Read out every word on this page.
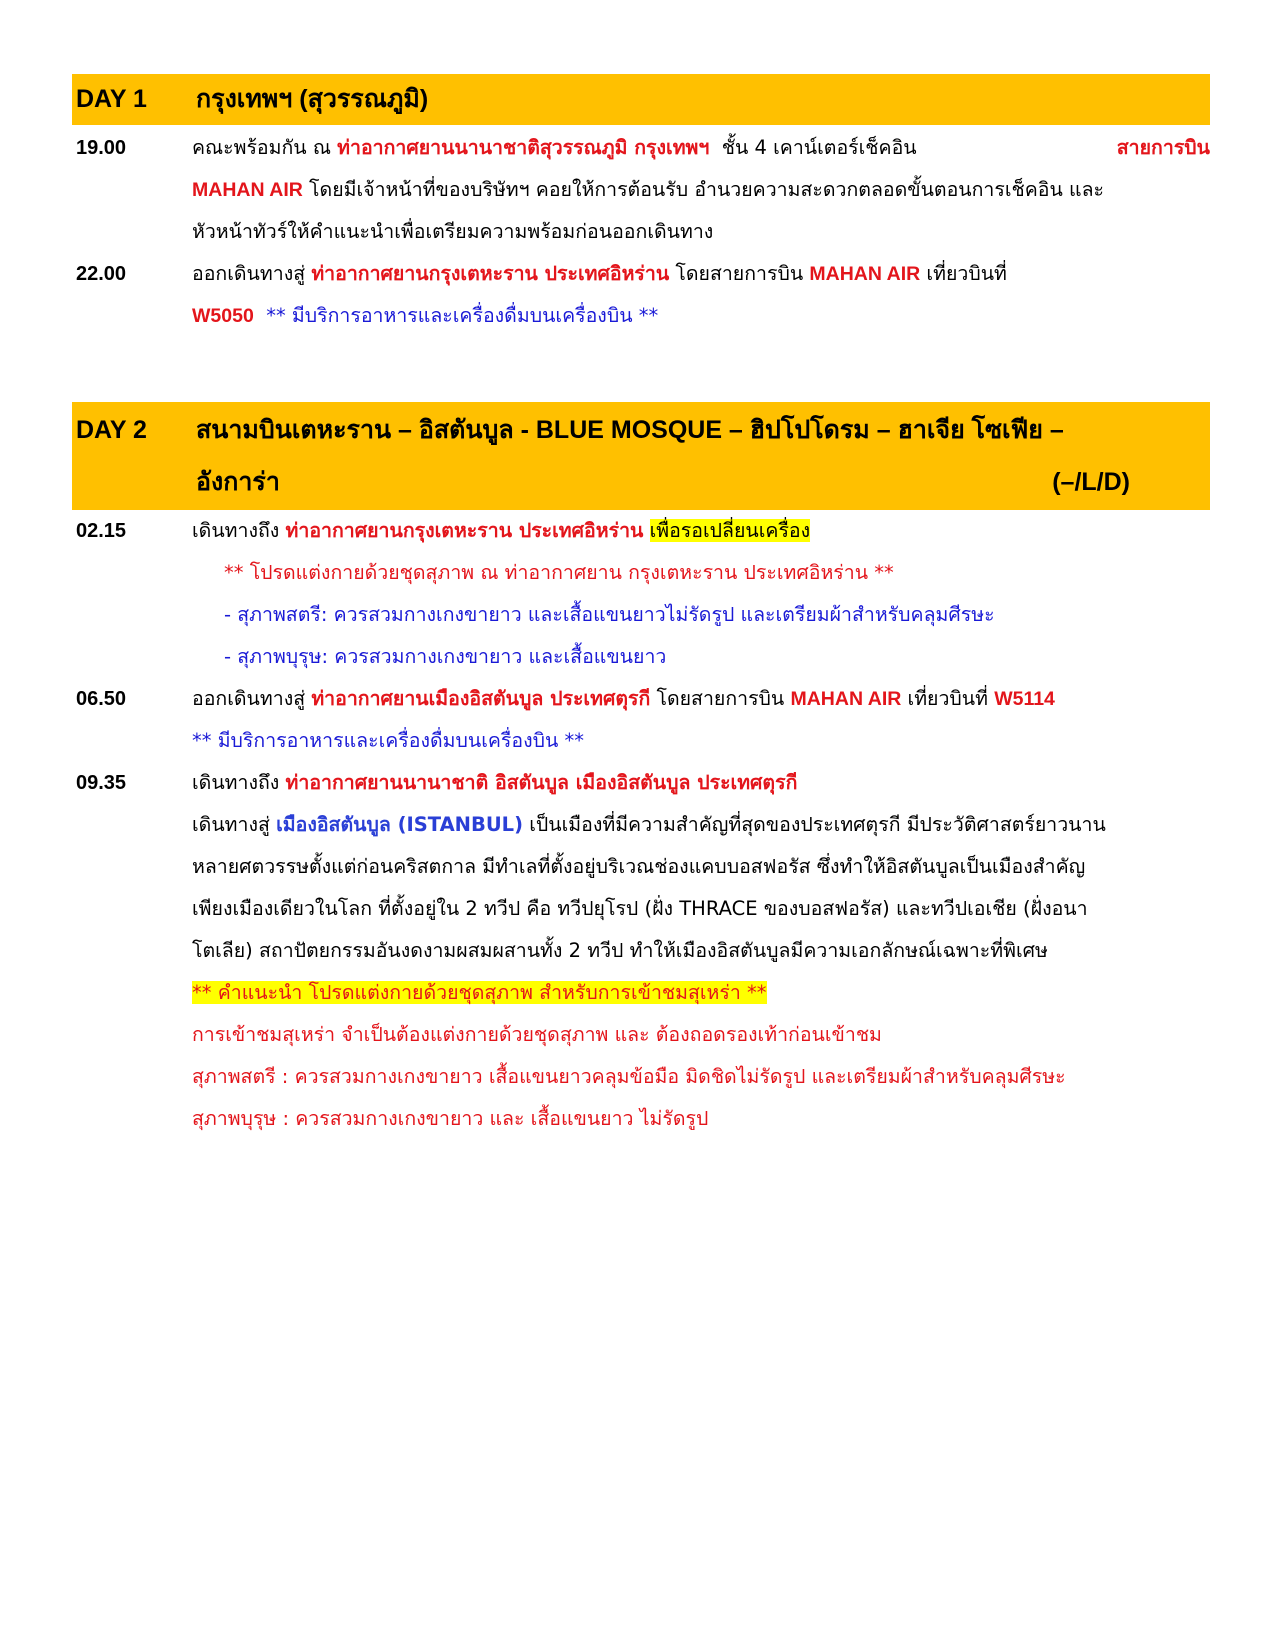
DAY 1	กรุงเทพฯ (สุวรรณภูมิ)
19.00	คณะพร้อมกัน ณ ท่าอากาศยานนานาชาติสุวรรณภูมิ กรุงเทพฯ  ชั้น 4 เคาน์เตอร์เช็คอิน	สายการบิน
MAHAN AIR โดยมีเจ้าหน้าที่ของบริษัทฯ คอยให้การต้อนรับ อำนวยความสะดวกตลอดขั้นตอนการเช็คอิน และ
หัวหน้าทัวร์ให้คำแนะนำเพื่อเตรียมความพร้อมก่อนออกเดินทาง
22.00	ออกเดินทางสู่ ท่าอากาศยานกรุงเตหะราน ประเทศอิหร่าน โดยสายการบิน MAHAN AIR เที่ยวบินที่
W5050  ** มีบริการอาหารและเครื่องดื่มบนเครื่องบิน **
DAY 2	สนามบินเตหะราน – อิสตันบูล - BLUE MOSQUE – ฮิปโปโดรม – ฮาเจีย โซเฟีย –
อังการ่า	(–/L/D)
02.15	เดินทางถึง ท่าอากาศยานกรุงเตหะราน ประเทศอิหร่าน เพื่อรอเปลี่ยนเครื่อง
** โปรดแต่งกายด้วยชุดสุภาพ ณ ท่าอากาศยาน กรุงเตหะราน ประเทศอิหร่าน **
- สุภาพสตรี: ควรสวมกางเกงขายาว และเสื้อแขนยาวไม่รัดรูป และเตรียมผ้าสำหรับคลุมศีรษะ
- สุภาพบุรุษ: ควรสวมกางเกงขายาว และเสื้อแขนยาว
06.50	ออกเดินทางสู่ ท่าอากาศยานเมืองอิสตันบูล ประเทศตุรกี โดยสายการบิน MAHAN AIR เที่ยวบินที่ W5114
** มีบริการอาหารและเครื่องดื่มบนเครื่องบิน **
09.35	เดินทางถึง ท่าอากาศยานนานาชาติ อิสตันบูล เมืองอิสตันบูล ประเทศตุรกี
เดินทางสู่ เมืองอิสตันบูล (ISTANBUL) เป็นเมืองที่มีความสำคัญที่สุดของประเทศตุรกี มีประวัติศาสตร์ยาวนาน
หลายศตวรรษตั้งแต่ก่อนคริสตกาล มีทำเลที่ตั้งอยู่บริเวณช่องแคบบอสฟอรัส ซึ่งทำให้อิสตันบูลเป็นเมืองสำคัญ
เพียงเมืองเดียวในโลก ที่ตั้งอยู่ใน 2 ทวีป คือ ทวีปยุโรป (ฝั่ง THRACE ของบอสฟอรัส) และทวีปเอเชีย (ฝั่งอนา
โตเลีย) สถาปัตยกรรมอันงดงามผสมผสานทั้ง 2 ทวีป ทำให้เมืองอิสตันบูลมีความเอกลักษณ์เฉพาะที่พิเศษ
** คำแนะนำ โปรดแต่งกายด้วยชุดสุภาพ สำหรับการเข้าชมสุเหร่า **
การเข้าชมสุเหร่า จำเป็นต้องแต่งกายด้วยชุดสุภาพ และ ต้องถอดรองเท้าก่อนเข้าชม
สุภาพสตรี : ควรสวมกางเกงขายาว เสื้อแขนยาวคลุมข้อมือ มิดชิดไม่รัดรูป และเตรียมผ้าสำหรับคลุมศีรษะ
สุภาพบุรุษ : ควรสวมกางเกงขายาว และ เสื้อแขนยาว ไม่รัดรูป
